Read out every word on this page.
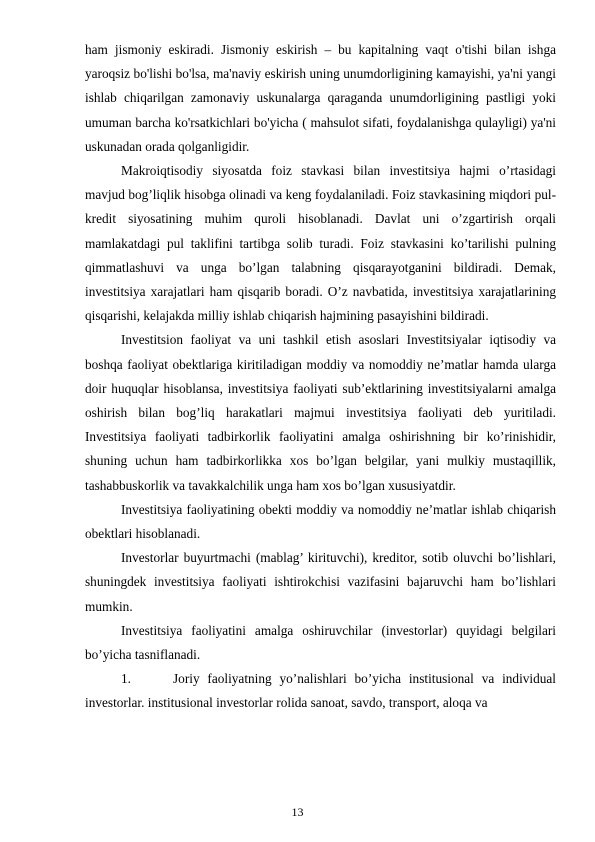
ham jismoniy eskiradi. Jismoniy eskirish – bu kapitalning vaqt o'tishi bilan ishga yaroqsiz bo'lishi bo'lsa, ma'naviy eskirish uning unumdorligining kamayishi, ya'ni yangi ishlab chiqarilgan zamonaviy uskunalarga qaraganda unumdorligining pastligi yoki umuman barcha ko'rsatkichlari bo'yicha ( mahsulot sifati, foydalanishga qulayligi) ya'ni uskunadan orada qolganligidir.

Makroiqtisodiy siyosatda foiz stavkasi bilan investitsiya hajmi o’rtasidagi mavjud bog’liqlik hisobga olinadi va keng foydalaniladi. Foiz stavkasining miqdori pul-kredit siyosatining muhim quroli hisoblanadi. Davlat uni o’zgartirish orqali mamlakatdagi pul taklifini tartibga solib turadi. Foiz stavkasini ko’tarilishi pulning qimmatlashuvi va unga bo’lgan talabning qisqarayotganini bildiradi. Demak, investitsiya xarajatlari ham qisqarib boradi. O’z navbatida, investitsiya xarajatlarining qisqarishi, kelajakda milliy ishlab chiqarish hajmining pasayishini bildiradi.

Investitsion faoliyat va uni tashkil etish asoslari Investitsiyalar iqtisodiy va boshqa faoliyat obektlariga kiritiladigan moddiy va nomoddiy ne’matlar hamda ularga doir huquqlar hisoblansa, investitsiya faoliyati sub’ektlarining investitsiyalarni amalga oshirish bilan bog’liq harakatlari majmui investitsiya faoliyati deb yuritiladi. Investitsiya faoliyati tadbirkorlik faoliyatini amalga oshirishning bir ko’rinishidir, shuning uchun ham tadbirkorlikka xos bo’lgan belgilar, yani mulkiy mustaqillik, tashabbuskorlik va tavakkalchilik unga ham xos bo’lgan xususiyatdir.

Investitsiya faoliyatining obekti moddiy va nomoddiy ne’matlar ishlab chiqarish obektlari hisoblanadi.

Investorlar buyurtmachi (mablag’ kirituvchi), kreditor, sotib oluvchi bo’lishlari, shuningdek investitsiya faoliyati ishtirokchisi vazifasini bajaruvchi ham bo’lishlari mumkin.

Investitsiya faoliyatini amalga oshiruvchilar (investorlar) quyidagi belgilari bo’yicha tasniflanadi.

1.	Joriy faoliyatning yo’nalishlari bo’yicha institusional va individual investorlar. institusional investorlar rolida sanoat, savdo, transport, aloqa va

13
